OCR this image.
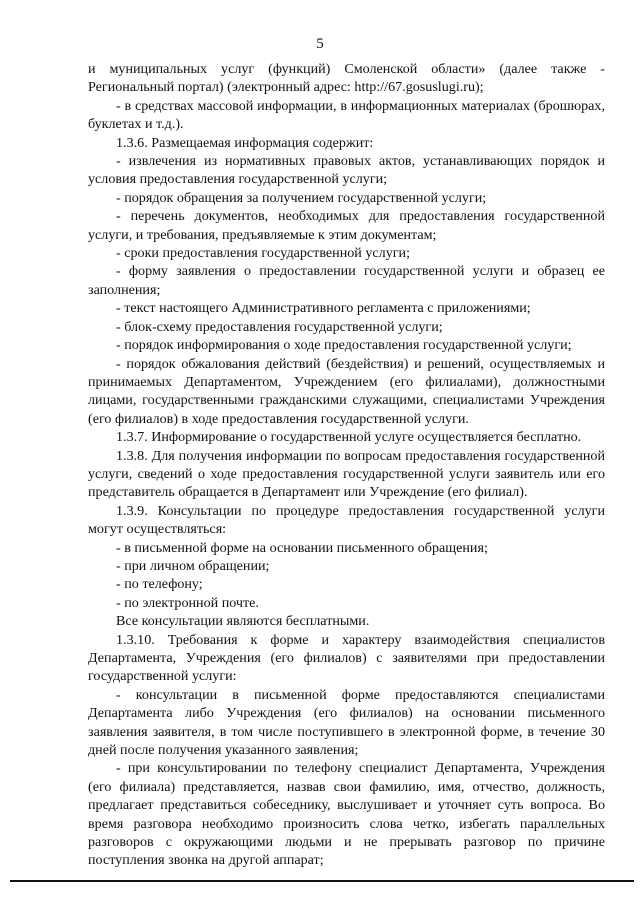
5

и муниципальных услуг (функций) Смоленской области» (далее также - Региональный портал) (электронный адрес: http://67.gosuslugi.ru);

- в средствах массовой информации, в информационных материалах (брошюрах, буклетах и т.д.).

1.3.6. Размещаемая информация содержит:

- извлечения из нормативных правовых актов, устанавливающих порядок и условия предоставления государственной услуги;

- порядок обращения за получением государственной услуги;

- перечень документов, необходимых для предоставления государственной услуги, и требования, предъявляемые к этим документам;

- сроки предоставления государственной услуги;

- форму заявления о предоставлении государственной услуги и образец ее заполнения;

- текст настоящего Административного регламента с приложениями;

- блок-схему предоставления государственной услуги;

- порядок информирования о ходе предоставления государственной услуги;

- порядок обжалования действий (бездействия) и решений, осуществляемых и принимаемых Департаментом, Учреждением (его филиалами), должностными лицами, государственными гражданскими служащими, специалистами Учреждения (его филиалов) в ходе предоставления государственной услуги.

1.3.7. Информирование о государственной услуге осуществляется бесплатно.

1.3.8. Для получения информации по вопросам предоставления государственной услуги, сведений о ходе предоставления государственной услуги заявитель или его представитель обращается в Департамент или Учреждение (его филиал).

1.3.9. Консультации по процедуре предоставления государственной услуги могут осуществляться:

- в письменной форме на основании письменного обращения;

- при личном обращении;

- по телефону;

- по электронной почте.

Все консультации являются бесплатными.

1.3.10. Требования к форме и характеру взаимодействия специалистов Департамента, Учреждения (его филиалов) с заявителями при предоставлении государственной услуги:

- консультации в письменной форме предоставляются специалистами Департамента либо Учреждения (его филиалов) на основании письменного заявления заявителя, в том числе поступившего в электронной форме, в течение 30 дней после получения указанного заявления;

- при консультировании по телефону специалист Департамента, Учреждения (его филиала) представляется, назвав свои фамилию, имя, отчество, должность, предлагает представиться собеседнику, выслушивает и уточняет суть вопроса. Во время разговора необходимо произносить слова четко, избегать параллельных разговоров с окружающими людьми и не прерывать разговор по причине поступления звонка на другой аппарат;
